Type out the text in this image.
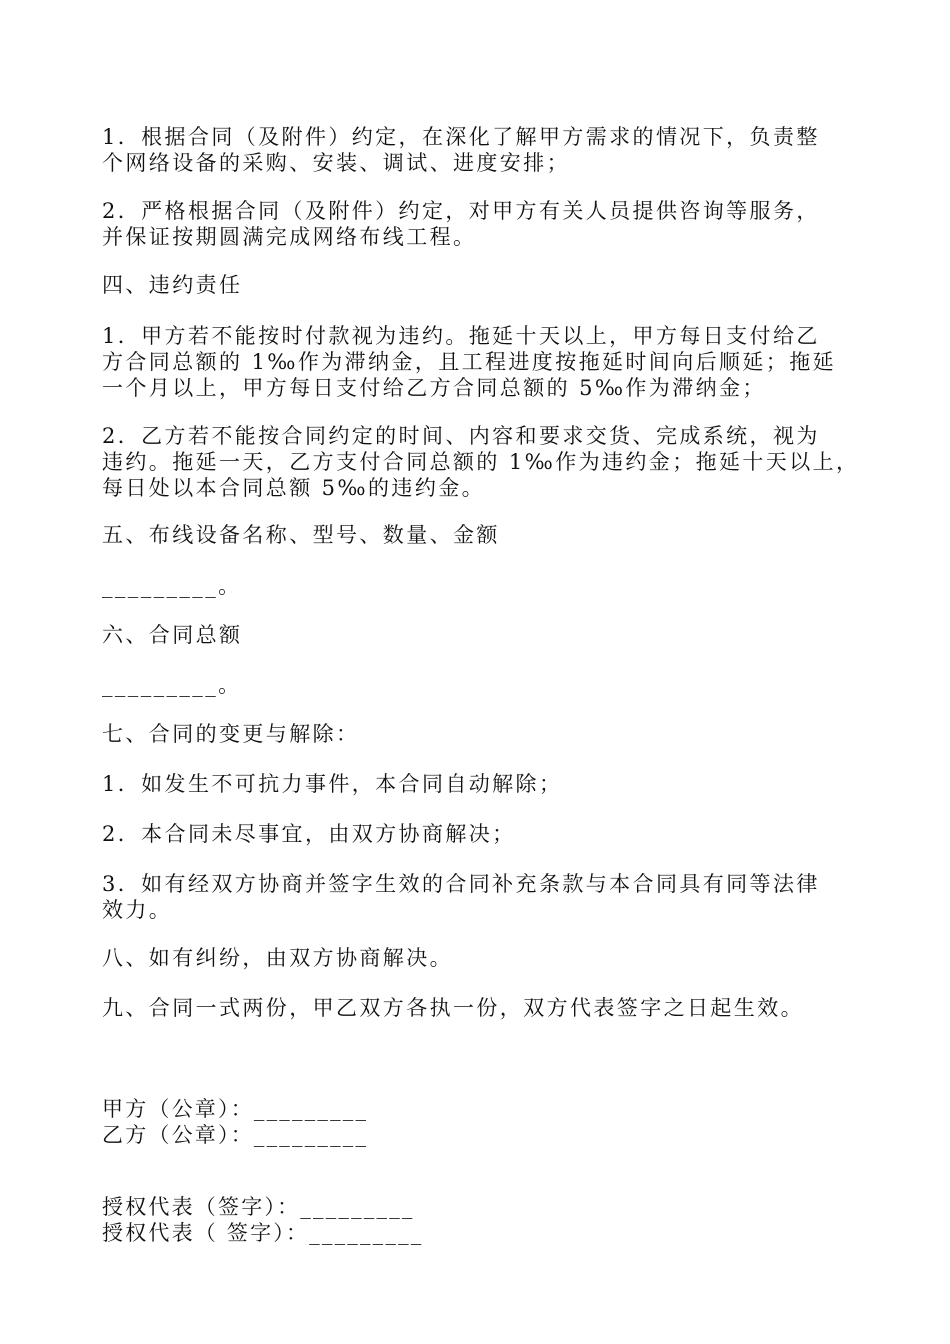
1．根据合同（及附件）约定，在深化了解甲方需求的情况下，负责整
个网络设备的采购、安装、调试、进度安排；
2．严格根据合同（及附件）约定，对甲方有关人员提供咨询等服务，
并保证按期圆满完成网络布线工程。
四、违约责任
1．甲方若不能按时付款视为违约。拖延十天以上，甲方每日支付给乙
方合同总额的 1‰作为滞纳金，且工程进度按拖延时间向后顺延；拖延
一个月以上，甲方每日支付给乙方合同总额的 5‰作为滞纳金；
2．乙方若不能按合同约定的时间、内容和要求交货、完成系统，视为
违约。拖延一天，乙方支付合同总额的 1‰作为违约金；拖延十天以上，
每日处以本合同总额 5‰的违约金。
五、布线设备名称、型号、数量、金额
_________。
六、合同总额
_________。
七、合同的变更与解除：
1．如发生不可抗力事件，本合同自动解除；
2．本合同未尽事宜，由双方协商解决；
3．如有经双方协商并签字生效的合同补充条款与本合同具有同等法律
效力。
八、如有纠纷，由双方协商解决。
九、合同一式两份，甲乙双方各执一份，双方代表签字之日起生效。
甲方（公章）：_________
乙方（公章）：_________
授权代表（签字）：_________
授权代表（ 签字）：_________
